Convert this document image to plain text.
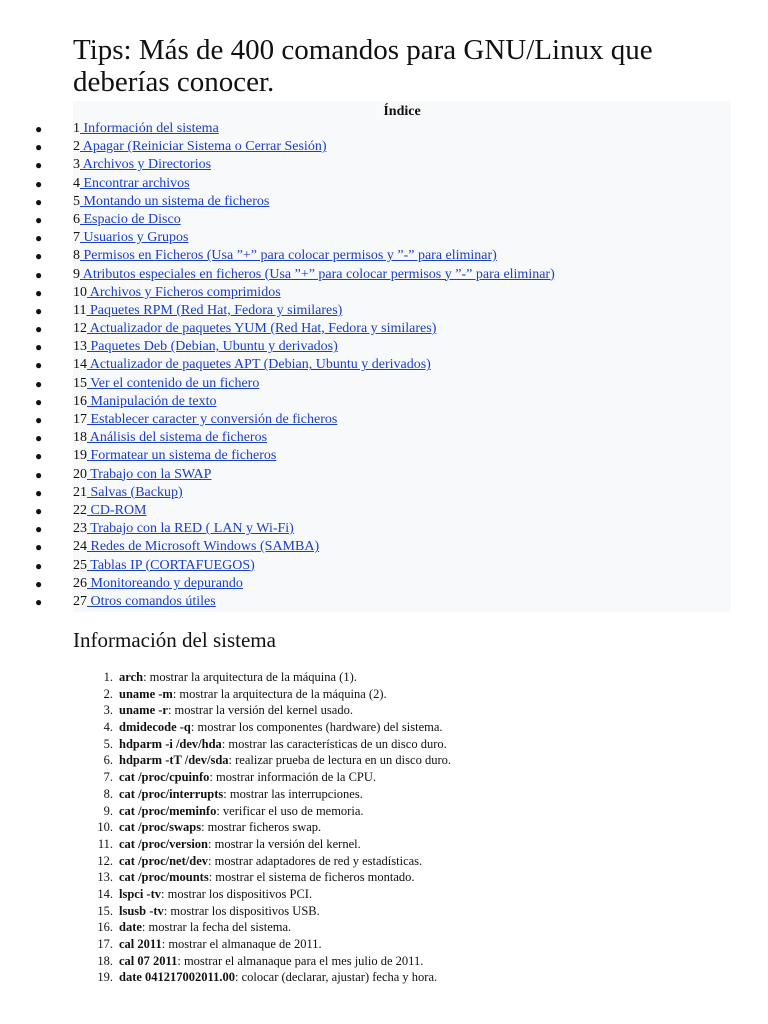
Tips: Más de 400 comandos para GNU/Linux que deberías conocer.
Índice
● 1 Información del sistema
● 2 Apagar (Reiniciar Sistema o Cerrar Sesión)
● 3 Archivos y Directorios
● 4 Encontrar archivos
● 5 Montando un sistema de ficheros
● 6 Espacio de Disco
● 7 Usuarios y Grupos
● 8 Permisos en Ficheros (Usa ”+” para colocar permisos y ”-” para eliminar)
● 9 Atributos especiales en ficheros (Usa ”+” para colocar permisos y ”-” para eliminar)
● 10 Archivos y Ficheros comprimidos
● 11 Paquetes RPM (Red Hat, Fedora y similares)
● 12 Actualizador de paquetes YUM (Red Hat, Fedora y similares)
● 13 Paquetes Deb (Debian, Ubuntu y derivados)
● 14 Actualizador de paquetes APT (Debian, Ubuntu y derivados)
● 15 Ver el contenido de un fichero
● 16 Manipulación de texto
● 17 Establecer caracter y conversión de ficheros
● 18 Análisis del sistema de ficheros
● 19 Formatear un sistema de ficheros
● 20 Trabajo con la SWAP
● 21 Salvas (Backup)
● 22 CD-ROM
● 23 Trabajo con la RED ( LAN y Wi-Fi)
● 24 Redes de Microsoft Windows (SAMBA)
● 25 Tablas IP (CORTAFUEGOS)
● 26 Monitoreando y depurando
● 27 Otros comandos útiles
Información del sistema
1. arch: mostrar la arquitectura de la máquina (1).
2. uname -m: mostrar la arquitectura de la máquina (2).
3. uname -r: mostrar la versión del kernel usado.
4. dmidecode -q: mostrar los componentes (hardware) del sistema.
5. hdparm -i /dev/hda: mostrar las características de un disco duro.
6. hdparm -tT /dev/sda: realizar prueba de lectura en un disco duro.
7. cat /proc/cpuinfo: mostrar información de la CPU.
8. cat /proc/interrupts: mostrar las interrupciones.
9. cat /proc/meminfo: verificar el uso de memoria.
10. cat /proc/swaps: mostrar ficheros swap.
11. cat /proc/version: mostrar la versión del kernel.
12. cat /proc/net/dev: mostrar adaptadores de red y estadísticas.
13. cat /proc/mounts: mostrar el sistema de ficheros montado.
14. lspci -tv: mostrar los dispositivos PCI.
15. lsusb -tv: mostrar los dispositivos USB.
16. date: mostrar la fecha del sistema.
17. cal 2011: mostrar el almanaque de 2011.
18. cal 07 2011: mostrar el almanaque para el mes julio de 2011.
19. date 041217002011.00: colocar (declarar, ajustar) fecha y hora.
